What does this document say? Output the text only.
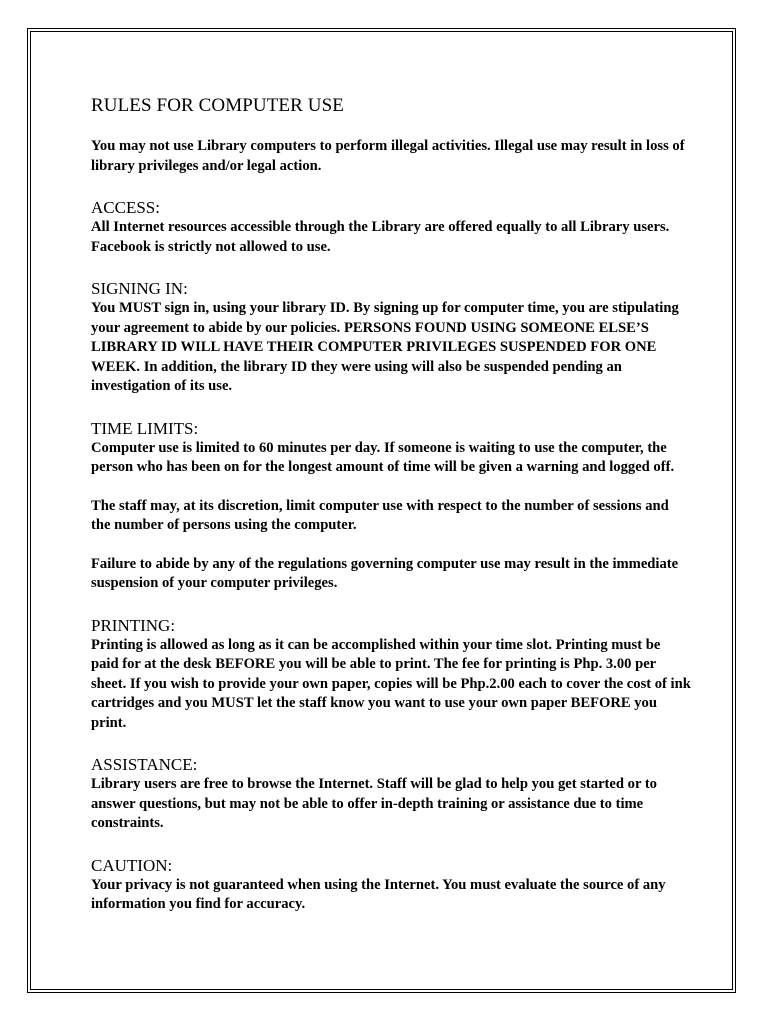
RULES FOR COMPUTER USE

You may not use Library computers to perform illegal activities. Illegal use may result in loss of library privileges and/or legal action.

ACCESS:

All Internet resources accessible through the Library are offered equally to all Library users. Facebook is strictly not allowed to use.

SIGNING IN:

You MUST sign in, using your library ID. By signing up for computer time, you are stipulating your agreement to abide by our policies. PERSONS FOUND USING SOMEONE ELSE’S LIBRARY ID WILL HAVE THEIR COMPUTER PRIVILEGES SUSPENDED FOR ONE WEEK. In addition, the library ID they were using will also be suspended pending an investigation of its use.

TIME LIMITS:

Computer use is limited to 60 minutes per day. If someone is waiting to use the computer, the person who has been on for the longest amount of time will be given a warning and logged off.

The staff may, at its discretion, limit computer use with respect to the number of sessions and the number of persons using the computer.

Failure to abide by any of the regulations governing computer use may result in the immediate suspension of your computer privileges.

PRINTING:

Printing is allowed as long as it can be accomplished within your time slot. Printing must be paid for at the desk BEFORE you will be able to print. The fee for printing is Php. 3.00 per sheet. If you wish to provide your own paper, copies will be Php.2.00 each to cover the cost of ink cartridges and you MUST let the staff know you want to use your own paper BEFORE you print.

ASSISTANCE:

Library users are free to browse the Internet. Staff will be glad to help you get started or to answer questions, but may not be able to offer in-depth training or assistance due to time constraints.

CAUTION:

Your privacy is not guaranteed when using the Internet. You must evaluate the source of any information you find for accuracy.
